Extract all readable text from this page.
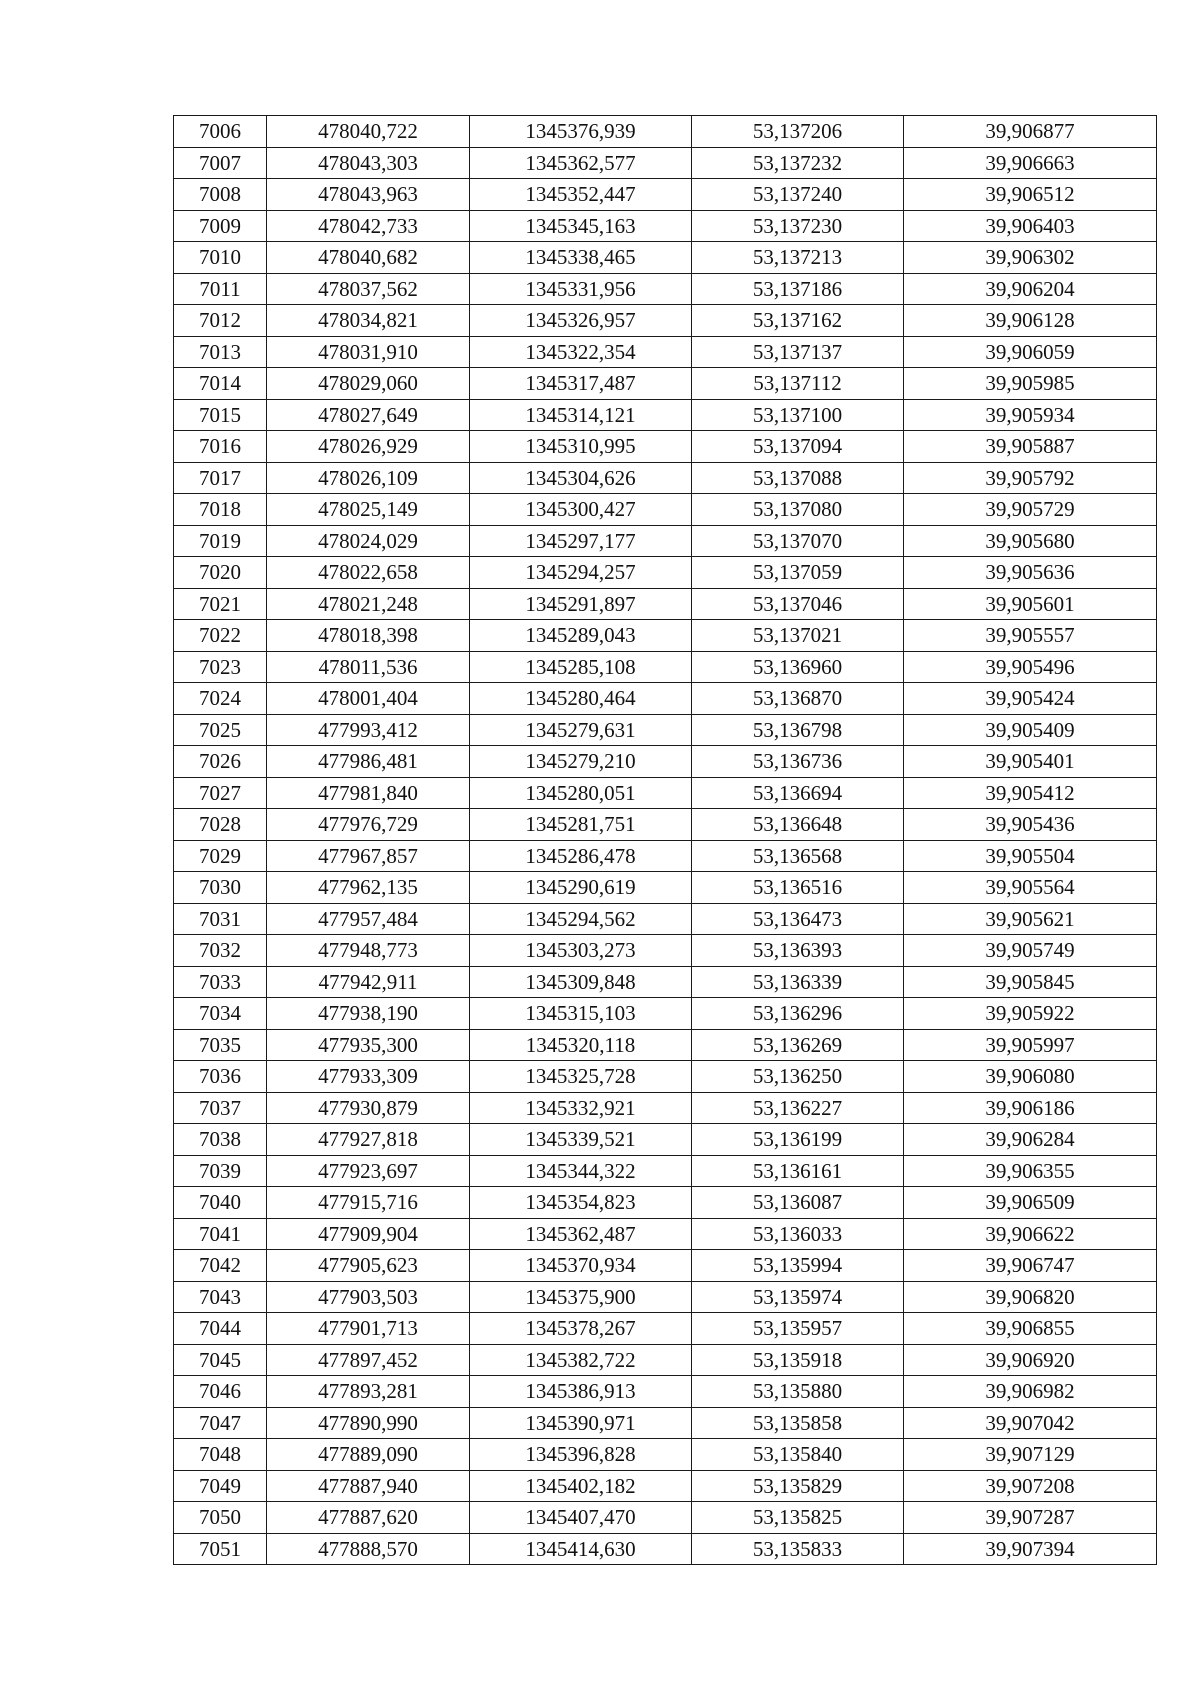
7006	478040,722	1345376,939	53,137206	39,906877
7007	478043,303	1345362,577	53,137232	39,906663
7008	478043,963	1345352,447	53,137240	39,906512
7009	478042,733	1345345,163	53,137230	39,906403
7010	478040,682	1345338,465	53,137213	39,906302
7011	478037,562	1345331,956	53,137186	39,906204
7012	478034,821	1345326,957	53,137162	39,906128
7013	478031,910	1345322,354	53,137137	39,906059
7014	478029,060	1345317,487	53,137112	39,905985
7015	478027,649	1345314,121	53,137100	39,905934
7016	478026,929	1345310,995	53,137094	39,905887
7017	478026,109	1345304,626	53,137088	39,905792
7018	478025,149	1345300,427	53,137080	39,905729
7019	478024,029	1345297,177	53,137070	39,905680
7020	478022,658	1345294,257	53,137059	39,905636
7021	478021,248	1345291,897	53,137046	39,905601
7022	478018,398	1345289,043	53,137021	39,905557
7023	478011,536	1345285,108	53,136960	39,905496
7024	478001,404	1345280,464	53,136870	39,905424
7025	477993,412	1345279,631	53,136798	39,905409
7026	477986,481	1345279,210	53,136736	39,905401
7027	477981,840	1345280,051	53,136694	39,905412
7028	477976,729	1345281,751	53,136648	39,905436
7029	477967,857	1345286,478	53,136568	39,905504
7030	477962,135	1345290,619	53,136516	39,905564
7031	477957,484	1345294,562	53,136473	39,905621
7032	477948,773	1345303,273	53,136393	39,905749
7033	477942,911	1345309,848	53,136339	39,905845
7034	477938,190	1345315,103	53,136296	39,905922
7035	477935,300	1345320,118	53,136269	39,905997
7036	477933,309	1345325,728	53,136250	39,906080
7037	477930,879	1345332,921	53,136227	39,906186
7038	477927,818	1345339,521	53,136199	39,906284
7039	477923,697	1345344,322	53,136161	39,906355
7040	477915,716	1345354,823	53,136087	39,906509
7041	477909,904	1345362,487	53,136033	39,906622
7042	477905,623	1345370,934	53,135994	39,906747
7043	477903,503	1345375,900	53,135974	39,906820
7044	477901,713	1345378,267	53,135957	39,906855
7045	477897,452	1345382,722	53,135918	39,906920
7046	477893,281	1345386,913	53,135880	39,906982
7047	477890,990	1345390,971	53,135858	39,907042
7048	477889,090	1345396,828	53,135840	39,907129
7049	477887,940	1345402,182	53,135829	39,907208
7050	477887,620	1345407,470	53,135825	39,907287
7051	477888,570	1345414,630	53,135833	39,907394
